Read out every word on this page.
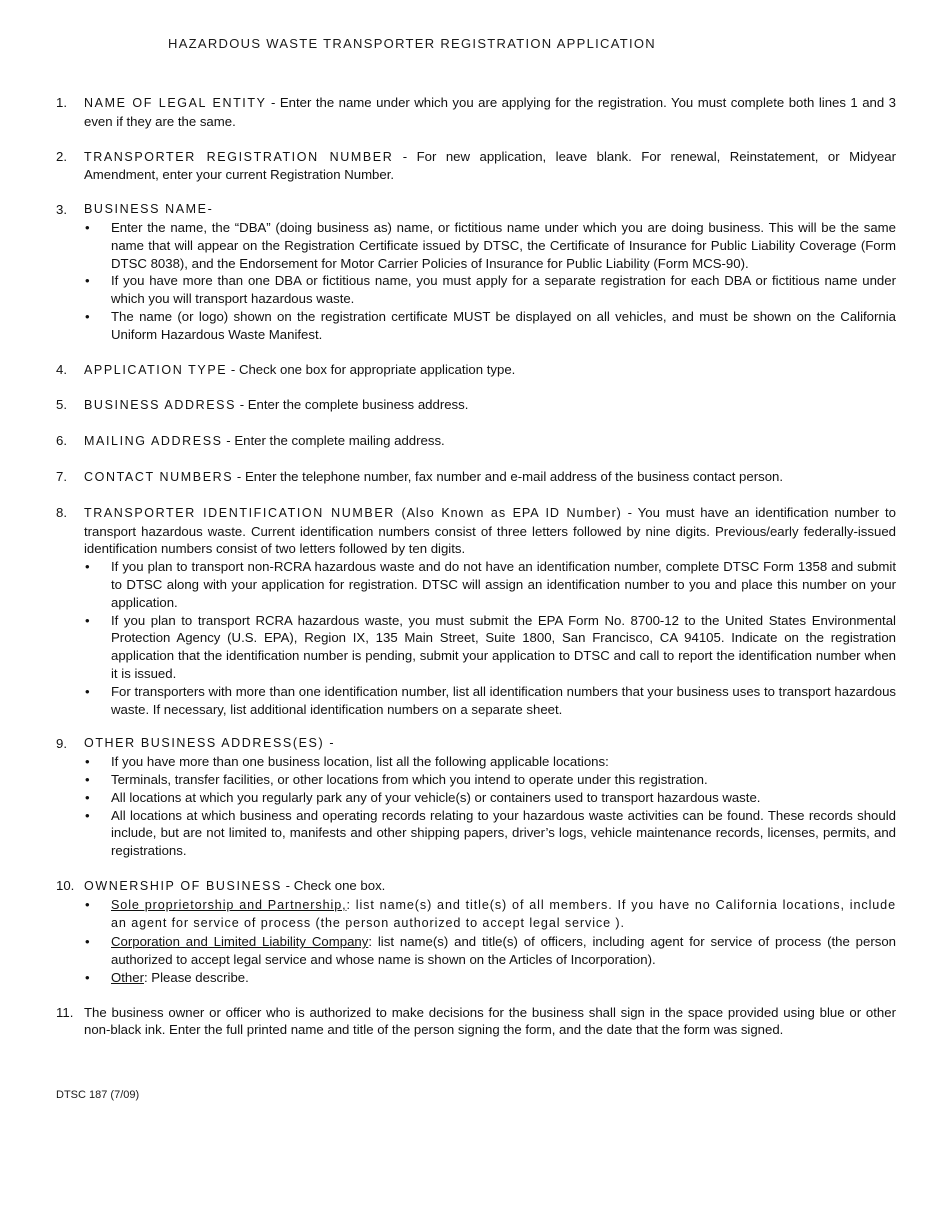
HAZARDOUS WASTE TRANSPORTER REGISTRATION APPLICATION
1.	NAME OF LEGAL ENTITY - Enter the name under which you are applying for the registration. You must complete both lines 1 and 3 even if they are the same.
2.	TRANSPORTER REGISTRATION NUMBER - For new application, leave blank. For renewal, Reinstatement, or Midyear Amendment, enter your current Registration Number.
3.	BUSINESS NAME-
• Enter the name, the “DBA” (doing business as) name, or fictitious name under which you are doing business. This will be the same name that will appear on the Registration Certificate issued by DTSC, the Certificate of Insurance for Public Liability Coverage (Form DTSC 8038), and the Endorsement for Motor Carrier Policies of Insurance for Public Liability (Form MCS-90).
• If you have more than one DBA or fictitious name, you must apply for a separate registration for each DBA or fictitious name under which you will transport hazardous waste.
• The name (or logo) shown on the registration certificate MUST be displayed on all vehicles, and must be shown on the California Uniform Hazardous Waste Manifest.
4.	APPLICATION TYPE - Check one box for appropriate application type.
5.	BUSINESS ADDRESS - Enter the complete business address.
6.	MAILING ADDRESS - Enter the complete mailing address.
7.	CONTACT NUMBERS - Enter the telephone number, fax number and e-mail address of the business contact person.
8.	TRANSPORTER IDENTIFICATION NUMBER (Also Known as EPA ID Number) - You must have an identification number to transport hazardous waste. Current identification numbers consist of three letters followed by nine digits. Previous/early federally-issued identification numbers consist of two letters followed by ten digits.
• If you plan to transport non-RCRA hazardous waste and do not have an identification number, complete DTSC Form 1358 and submit to DTSC along with your application for registration. DTSC will assign an identification number to you and place this number on your application.
• If you plan to transport RCRA hazardous waste, you must submit the EPA Form No. 8700-12 to the United States Environmental Protection Agency (U.S. EPA), Region IX, 135 Main Street, Suite 1800, San Francisco, CA 94105. Indicate on the registration application that the identification number is pending, submit your application to DTSC and call to report the identification number when it is issued.
• For transporters with more than one identification number, list all identification numbers that your business uses to transport hazardous waste. If necessary, list additional identification numbers on a separate sheet.
9.	OTHER BUSINESS ADDRESS(ES) -
• If you have more than one business location, list all the following applicable locations:
• Terminals, transfer facilities, or other locations from which you intend to operate under this registration.
• All locations at which you regularly park any of your vehicle(s) or containers used to transport hazardous waste.
• All locations at which business and operating records relating to your hazardous waste activities can be found. These records should include, but are not limited to, manifests and other shipping papers, driver’s logs, vehicle maintenance records, licenses, permits, and registrations.
10. OWNERSHIP OF BUSINESS - Check one box.
• Sole proprietorship and Partnership,: list name(s) and title(s) of all members. If you have no California locations, include an agent for service of process (the person authorized to accept legal service ).
• Corporation and Limited Liability Company: list name(s) and title(s) of officers, including agent for service of process (the person authorized to accept legal service and whose name is shown on the Articles of Incorporation).
• Other: Please describe.
11. The business owner or officer who is authorized to make decisions for the business shall sign in the space provided using blue or other non-black ink. Enter the full printed name and title of the person signing the form, and the date that the form was signed.
DTSC 187 (7/09)
